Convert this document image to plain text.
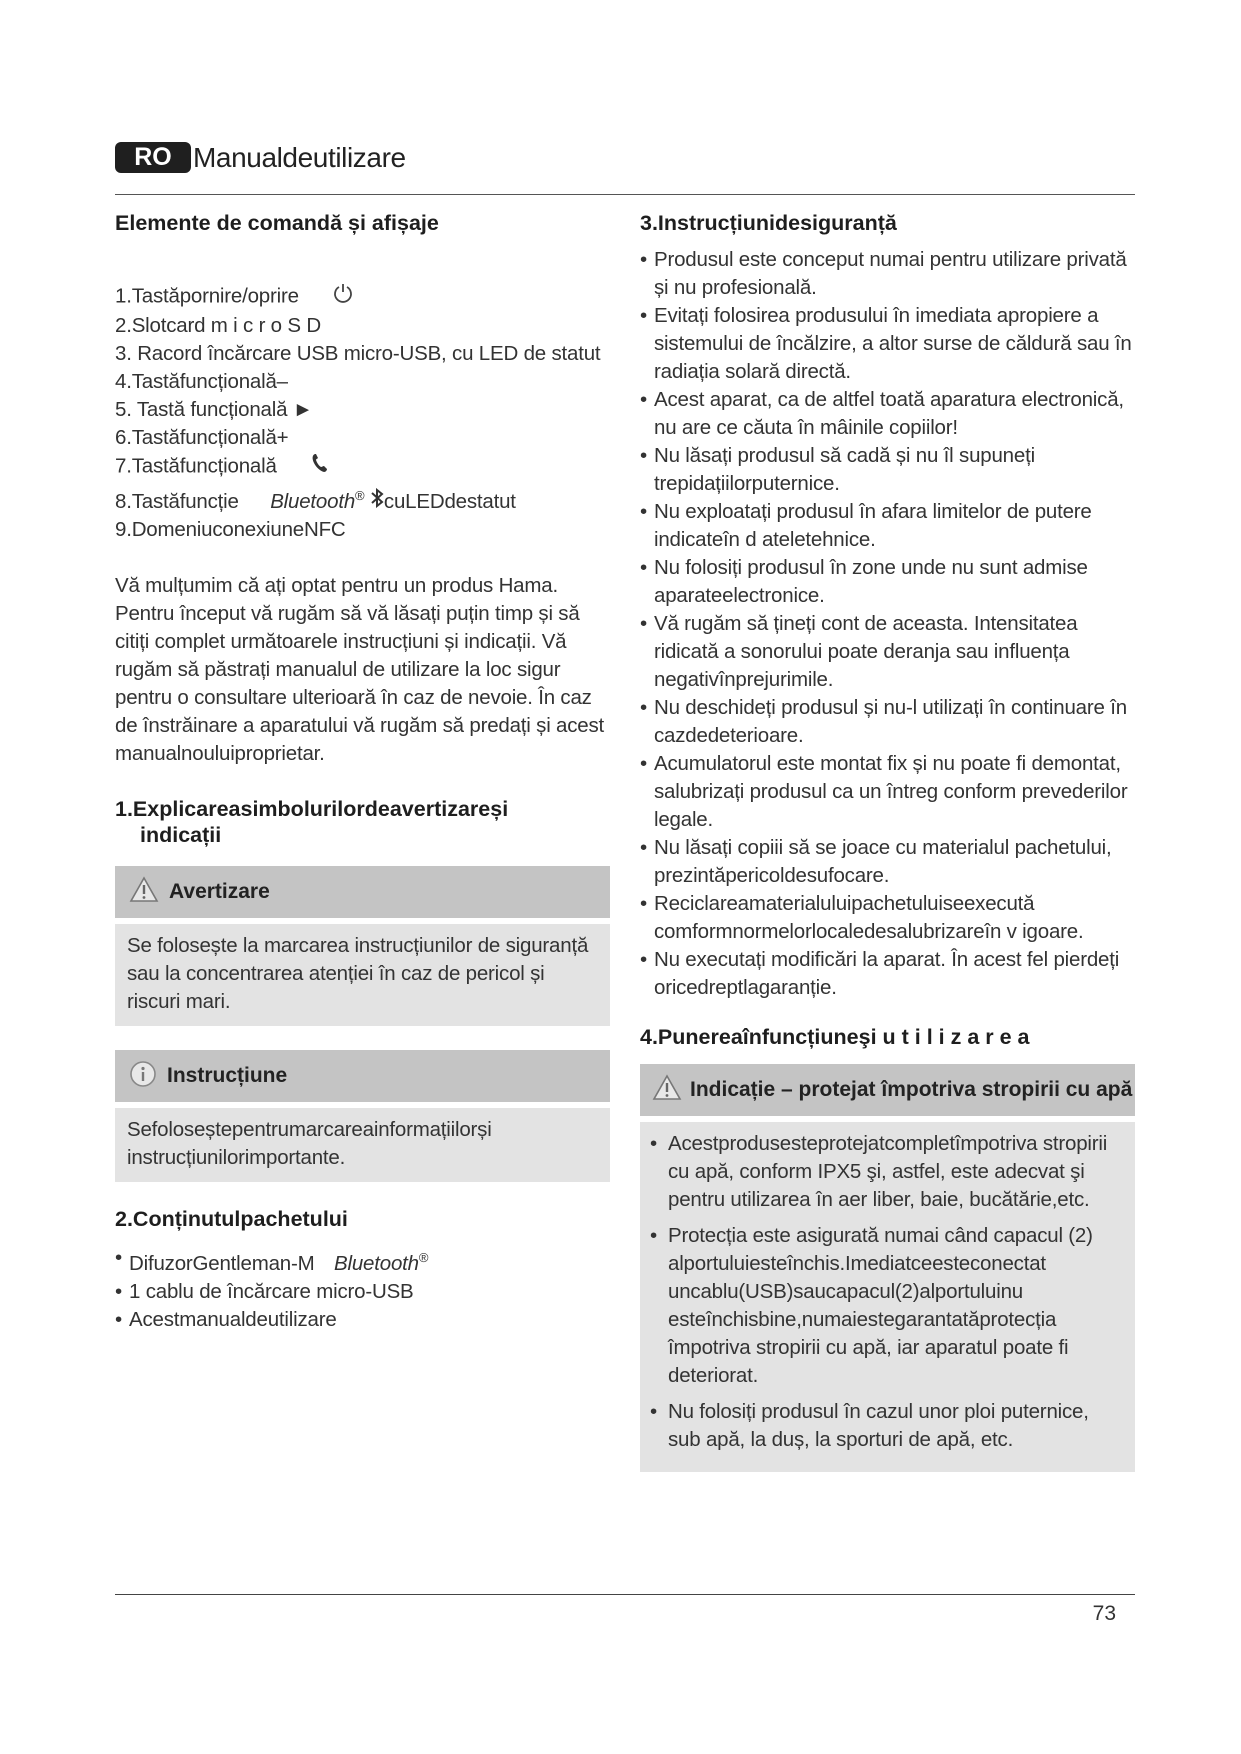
RO Manualdeutilizare
Elemente de comandă și afișaje
1.Tastăpornire/oprire
2.Slotcard m i c r o S D
3. Racord încărcare USB micro-USB, cu LED de statut
4.Tastăfuncțională–
5. Tastă funcțională ►
6.Tastăfuncțională+
7.Tastăfuncțională
8.Tastăfuncție Bluetooth® cuLEDdestatut
9.DomeniuconexiuneNFC
Vă mulțumim că ați optat pentru un produs Hama. Pentru început vă rugăm să vă lăsați puțin timp și să citiți complet următoarele instrucțiuni și indicații. Vă rugăm să păstrați manualul de utilizare la loc sigur pentru o consultare ulterioară în caz de nevoie. În caz de înstrăinare a aparatului vă rugăm să predați și acest manualnouluiproprietar.
1.Explicareasimbolurilordeavertizareși
indicații
Avertizare
Se folosește la marcarea instrucțiunilor de siguranță sau la concentrarea atenției în caz de pericol și riscuri mari.
Instrucțiune
Sefoloseștepentrumarcareainformațiilorși instrucțiunilorimportante.
2.Conținutulpachetului
• DifuzorGentleman-M Bluetooth®
• 1 cablu de încărcare micro-USB
• Acestmanualdeutilizare
3.Instrucțiunidesiguranță
• Produsul este conceput numai pentru utilizare privată și nu profesională.
• Evitați folosirea produsului în imediata apropiere a sistemului de încălzire, a altor surse de căldură sau în radiația solară directă.
• Acest aparat, ca de altfel toată aparatura electronică, nu are ce căuta în mâinile copiilor!
• Nu lăsați produsul să cadă și nu îl supuneți trepidațiilorputernice.
• Nu exploatați produsul în afara limitelor de putere indicateîn d ateletehnice.
• Nu folosiți produsul în zone unde nu sunt admise aparateelectronice.
• Vă rugăm să țineți cont de aceasta. Intensitatea ridicată a sonorului poate deranja sau influența negativînprejurimile.
• Nu deschideți produsul și nu-l utilizați în continuare în cazdedeterioare.
• Acumulatorul este montat fix și nu poate fi demontat, salubrizați produsul ca un întreg conform prevederilor legale.
• Nu lăsați copiii să se joace cu materialul pachetului, prezintăpericoldesufocare.
• Reciclareamaterialuluipachetuluiseexecută comformnormelorlocaledesalubrizareîn v igoare.
• Nu executați modificări la aparat. În acest fel pierdeți oricedreptlagaranție.
4.Punereaînfuncțiuneşi u t i l i z a r e a
Indicație – protejat împotriva stropirii cu apă
• Acestprodusesteprotejatcompletîmpotriva stropirii cu apă, conform IPX5 şi, astfel, este adecvat şi pentru utilizarea în aer liber, baie, bucătărie,etc.
• Protecția este asigurată numai când capacul (2) alportuluiesteînchis.Imediatceesteconectat uncablu(USB)saucapacul(2)alportuluinu esteînchisbine,numaiestegarantatăprotecția împotriva stropirii cu apă, iar aparatul poate fi deteriorat.
• Nu folosiți produsul în cazul unor ploi puternice, sub apă, la duș, la sporturi de apă, etc.
73
